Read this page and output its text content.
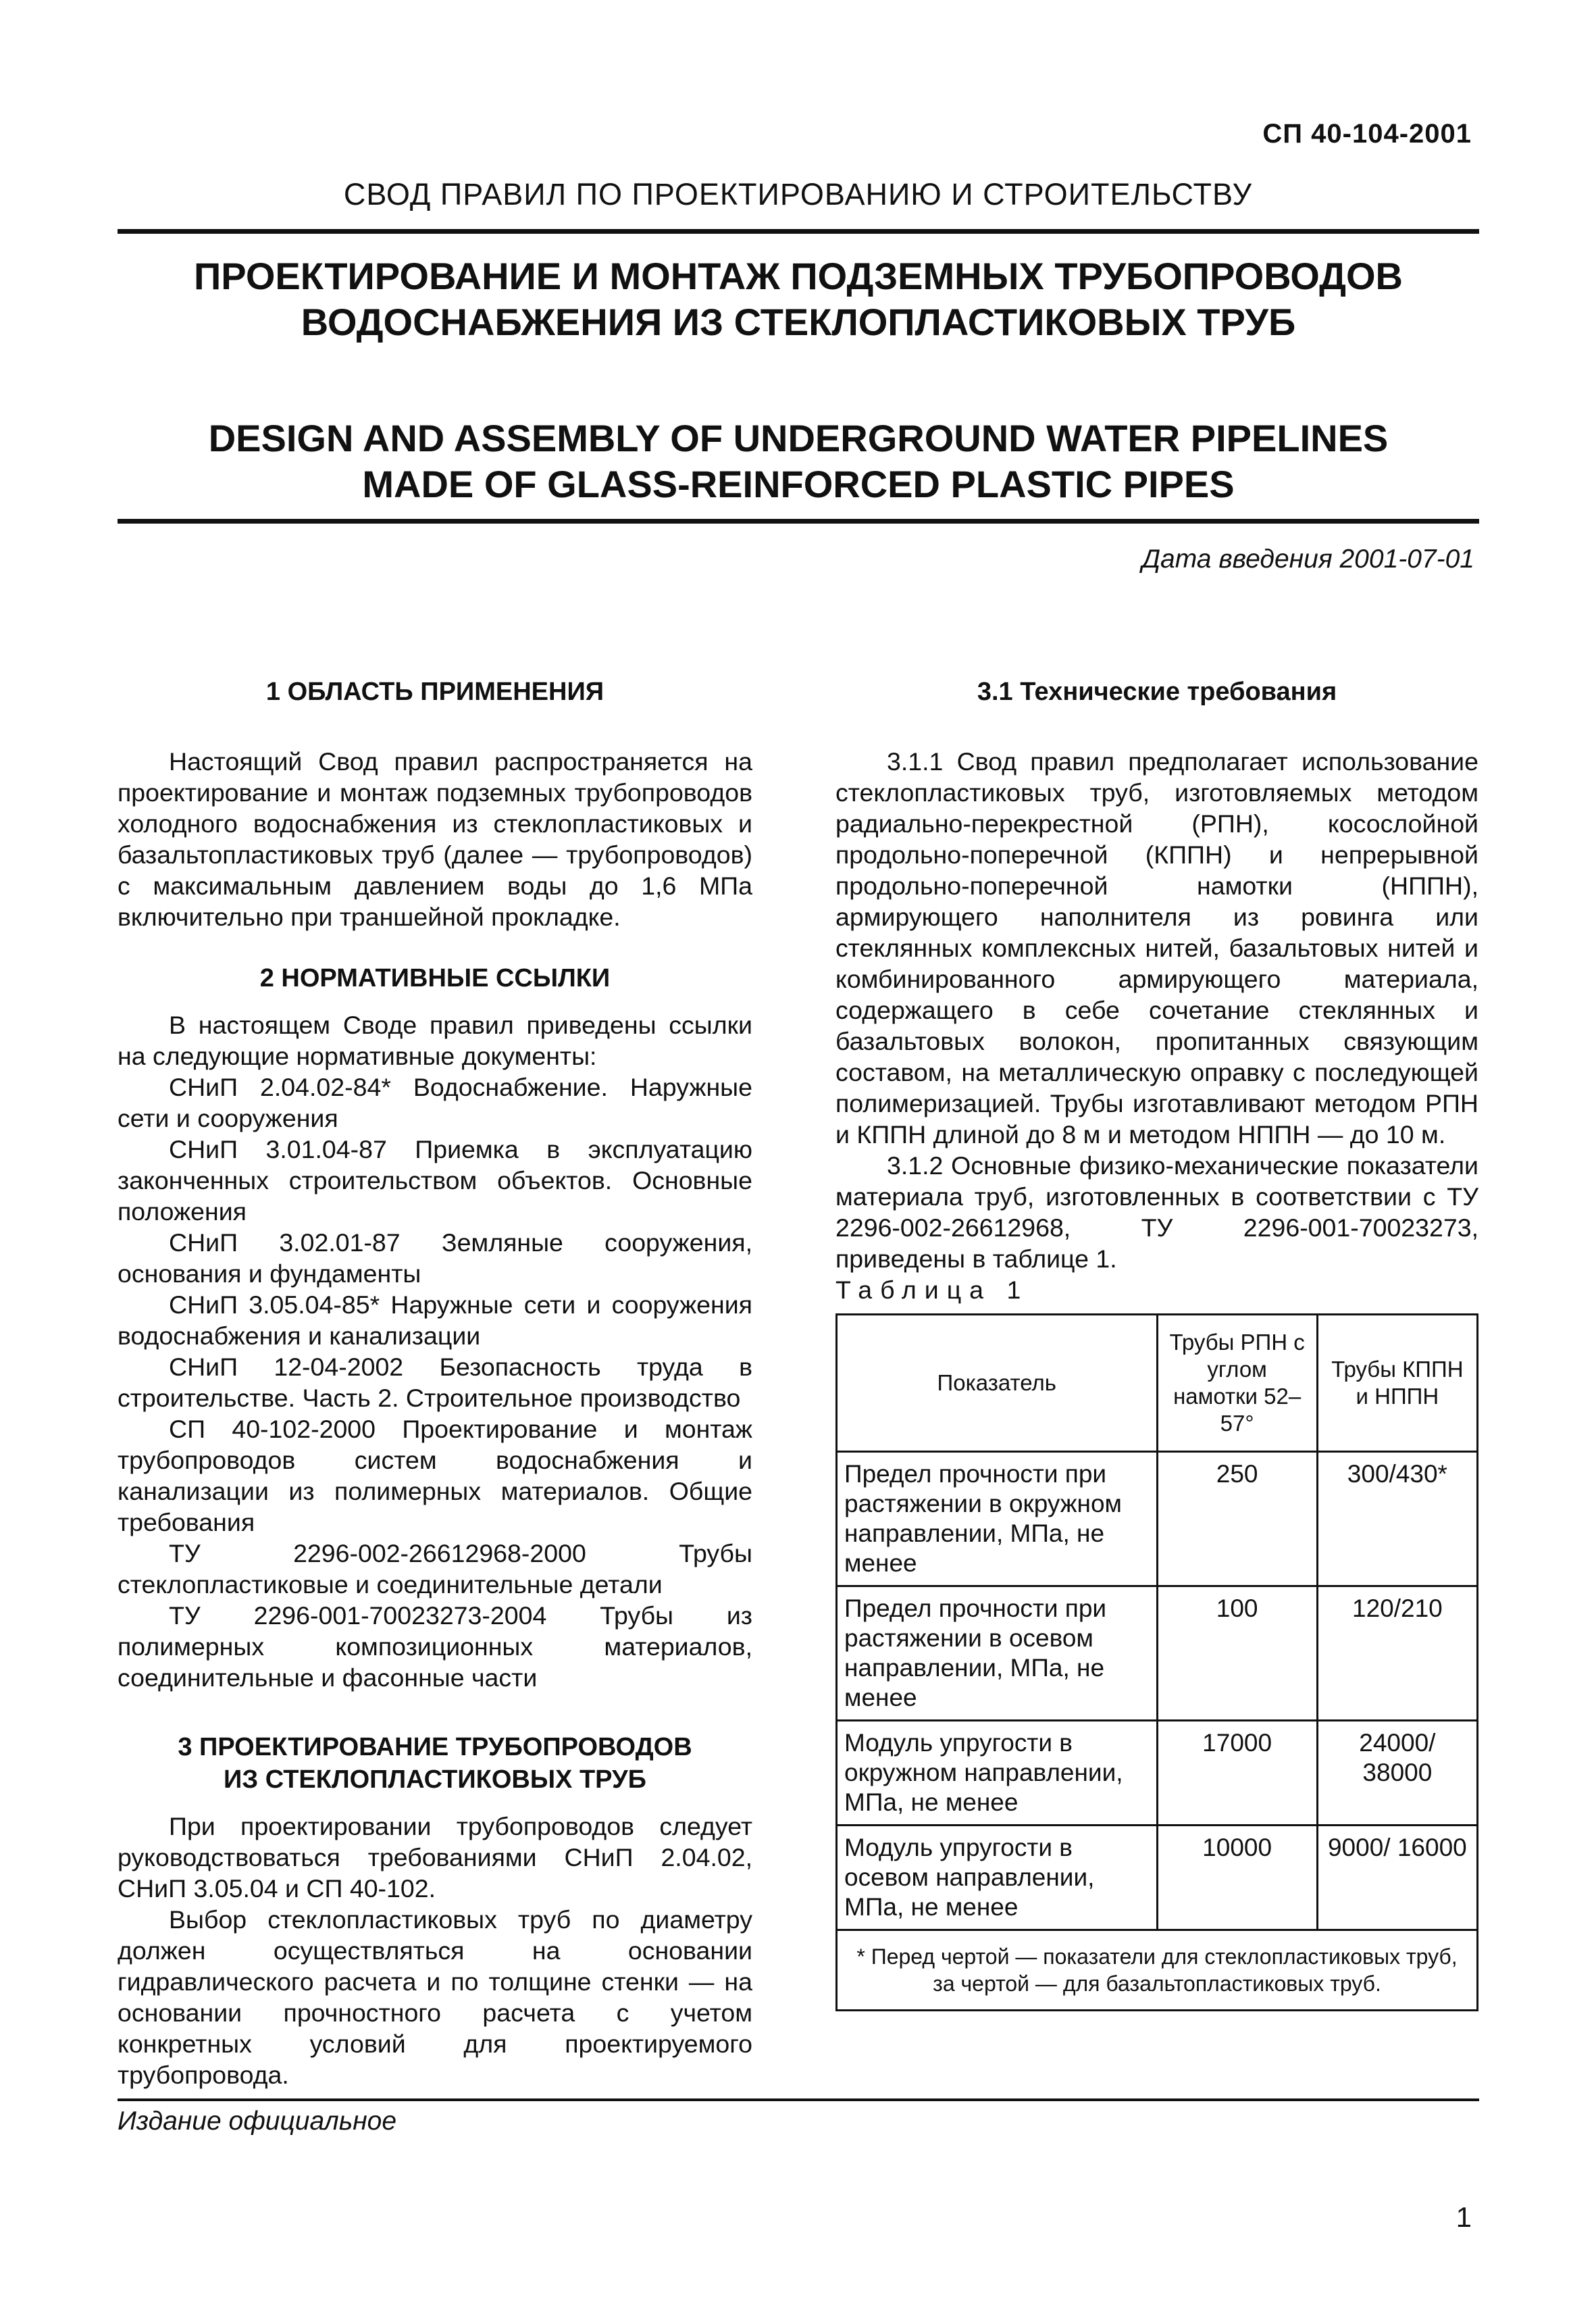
СП 40-104-2001
СВОД ПРАВИЛ ПО ПРОЕКТИРОВАНИЮ И СТРОИТЕЛЬСТВУ
ПРОЕКТИРОВАНИЕ И МОНТАЖ ПОДЗЕМНЫХ ТРУБОПРОВОДОВ
ВОДОСНАБЖЕНИЯ ИЗ СТЕКЛОПЛАСТИКОВЫХ ТРУБ
DESIGN AND ASSEMBLY OF UNDERGROUND WATER PIPELINES
MADE OF GLASS-REINFORCED PLASTIC PIPES
Дата введения 2001-07-01
1 ОБЛАСТЬ ПРИМЕНЕНИЯ

Настоящий Свод правил распространяется на проектирование и монтаж подземных трубопроводов холодного водоснабжения из стеклопластиковых и базальтопластиковых труб (далее — трубопроводов) с максимальным давлением воды до 1,6 МПа включительно при траншейной прокладке.

2 НОРМАТИВНЫЕ ССЫЛКИ

В настоящем Своде правил приведены ссылки на следующие нормативные документы:

СНиП 2.04.02-84* Водоснабжение. Наружные сети и сооружения

СНиП 3.01.04-87 Приемка в эксплуатацию законченных строительством объектов. Основные положения

СНиП 3.02.01-87 Земляные сооружения, основания и фундаменты

СНиП 3.05.04-85* Наружные сети и сооружения водоснабжения и канализации

СНиП 12-04-2002 Безопасность труда в строительстве. Часть 2. Строительное производство

СП 40-102-2000 Проектирование и монтаж трубопроводов систем водоснабжения и канализации из полимерных материалов. Общие требования

ТУ 2296-002-26612968-2000 Трубы стеклопластиковые и соединительные детали

ТУ 2296-001-70023273-2004 Трубы из полимерных композиционных материалов, соединительные и фасонные части

3 ПРОЕКТИРОВАНИЕ ТРУБОПРОВОДОВ
ИЗ СТЕКЛОПЛАСТИКОВЫХ ТРУБ

При проектировании трубопроводов следует руководствоваться требованиями СНиП 2.04.02, СНиП 3.05.04 и СП 40-102.

Выбор стеклопластиковых труб по диаметру должен осуществляться на основании гидравлического расчета и по толщине стенки — на основании прочностного расчета с учетом конкретных условий для проектируемого трубопровода.

3.1 Технические требования

3.1.1 Свод правил предполагает использование стеклопластиковых труб, изготовляемых методом радиально-перекрестной (РПН), косослойной продольно-поперечной (КППН) и непрерывной продольно-поперечной намотки (НППН), армирующего наполнителя из ровинга или стеклянных комплексных нитей, базальтовых нитей и комбинированного армирующего материала, содержащего в себе сочетание стеклянных и базальтовых волокон, пропитанных связующим составом, на металлическую оправку с последующей полимеризацией. Трубы изготавливают методом РПН и КППН длиной до 8 м и методом НППН — до 10 м.

3.1.2 Основные физико-механические показатели материала труб, изготовленных в соответствии с ТУ 2296-002-26612968, ТУ 2296-001-70023273, приведены в таблице 1.

Таблица 1

Показатель	Трубы РПН с углом намотки 52–57°	Трубы КППН и НППН
Предел прочности при растяжении в окружном направлении, МПа, не менее	250	300/430*
Предел прочности при растяжении в осевом направлении, МПа, не менее	100	120/210
Модуль упругости в окружном направлении, МПа, не менее	17000	24000/ 38000
Модуль упругости в осевом направлении, МПа, не менее	10000	9000/ 16000
* Перед чертой — показатели для стеклопластиковых труб, за чертой — для базальтопластиковых труб.		
Издание официальное
1
